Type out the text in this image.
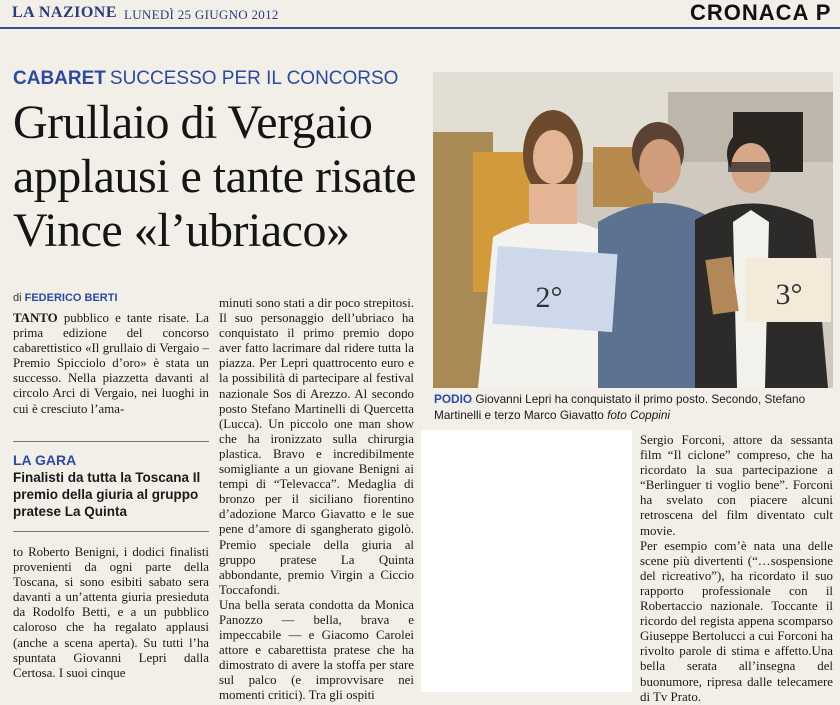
LA NAZIONE LUNEDÌ 25 GIUGNO 2012	CRONACA P
CABARET SUCCESSO PER IL CONCORSO
Grullaio di Vergaio
applausi e tante risate
Vince «l’ubriaco»
di FEDERICO BERTI

TANTO pubblico e tante risate. La prima edizione del concorso cabarettistico «Il grullaio di Vergaio – Premio Spicciolo d’oro» è stata un successo. Nella piazzetta davanti al circolo Arci di Vergaio, nei luoghi in cui è cresciuto l’ama-

LA GARA
Finalisti da tutta la Toscana Il premio della giuria al gruppo pratese La Quinta

to Roberto Benigni, i dodici finalisti provenienti da ogni parte della Toscana, si sono esibiti sabato sera davanti a un’attenta giuria presieduta da Rodolfo Betti, e a un pubblico caloroso che ha regalato applausi (anche a scena aperta). Su tutti l’ha spuntata Giovanni Lepri dalla Certosa. I suoi cinque

minuti sono stati a dir poco strepitosi. Il suo personaggio dell’ubriaco ha conquistato il primo premio dopo aver fatto lacrimare dal ridere tutta la piazza. Per Lepri quattrocento euro e la possibilità di partecipare al festival nazionale Sos di Arezzo. Al secondo posto Stefano Martinelli di Quercetta (Lucca). Un piccolo one man show che ha ironizzato sulla chirurgia plastica. Bravo e incredibilmente somigliante a un giovane Benigni ai tempi di “Televacca”. Medaglia di bronzo per il siciliano fiorentino d’adozione Marco Giavatto e le sue pene d’amore di sgangherato gigolò. Premio speciale della giuria al gruppo pratese La Quinta abbondante, premio Virgin a Ciccio Toccafondi.

Una bella serata condotta da Monica Panozzo — bella, brava e impeccabile — e Giacomo Carolei attore e cabarettista pratese che ha dimostrato di avere la stoffa per stare sul palco (e improvvisare nei momenti critici). Tra gli ospiti

2°	3°
PODIO Giovanni Lepri ha conquistato il primo posto. Secondo, Stefano Martinelli e terzo Marco Giavatto foto Coppini

Sergio Forconi, attore da sessanta film “Il ciclone” compreso, che ha ricordato la sua partecipazione a “Berlinguer ti voglio bene”. Forconi ha svelato con piacere alcuni retroscena del film diventato cult movie.

Per esempio com’è nata una delle scene più divertenti (“…sospensione del ricreativo”), ha ricordato il suo rapporto professionale con il Robertaccio nazionale. Toccante il ricordo del regista appena scomparso Giuseppe Bertolucci a cui Forconi ha rivolto parole di stima e affetto.Una bella serata all’insegna del buonumore, ripresa dalle telecamere di Tv Prato.
